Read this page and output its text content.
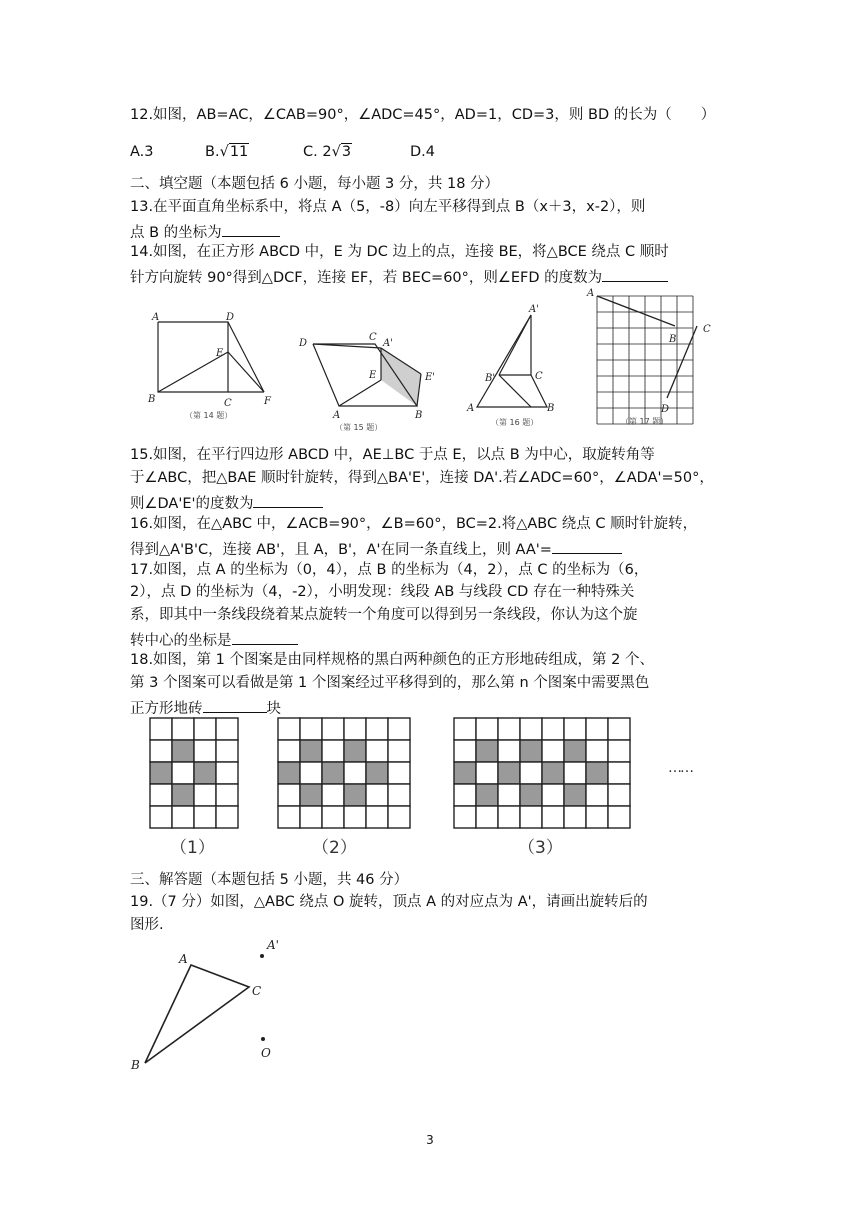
12.如图，AB=AC，∠CAB=90°，∠ADC=45°，AD=1，CD=3，则 BD 的长为（　　）
A.3	B.√11	C. 2√3	D.4
二、填空题（本题包括 6 小题，每小题 3 分，共 18 分）
13.在平面直角坐标系中，将点 A（5，-8）向左平移得到点 B（x＋3，x-2），则
点 B 的坐标为
14.如图，在正方形 ABCD 中，E 为 DC 边上的点，连接 BE，将△BCE 绕点 C 顺时
针方向旋转 90°得到△DCF，连接 EF，若 BEC=60°，则∠EFD 的度数为
A	D
E
B	C	F
（第 14 题）
D
C
A'
E	E'
A	B
（第 15 题）
A'
B'	C
A	B
（第 16 题）
A
B
C
D
（第 17 题）
15.如图，在平行四边形 ABCD 中，AE⊥BC 于点 E，以点 B 为中心，取旋转角等
于∠ABC，把△BAE 顺时针旋转，得到△BA'E'，连接 DA'.若∠ADC=60°，∠ADA'=50°，
则∠DA'E'的度数为
16.如图，在△ABC 中，∠ACB=90°，∠B=60°，BC=2.将△ABC 绕点 C 顺时针旋转，
得到△A'B'C，连接 AB'，且 A，B'，A'在同一条直线上，则 AA'=
17.如图，点 A 的坐标为（0，4），点 B 的坐标为（4，2），点 C 的坐标为（6，
2），点 D 的坐标为（4，-2），小明发现：线段 AB 与线段 CD 存在一种特殊关
系，即其中一条线段绕着某点旋转一个角度可以得到另一条线段，你认为这个旋
转中心的坐标是
18.如图，第 1 个图案是由同样规格的黑白两种颜色的正方形地砖组成，第 2 个、
第 3 个图案可以看做是第 1 个图案经过平移得到的，那么第 n 个图案中需要黑色
正方形地砖	块
（1）	（2）	（3）
……
三、解答题（本题包括 5 小题，共 46 分）
19.（7 分）如图，△ABC 绕点 O 旋转，顶点 A 的对应点为 A'，请画出旋转后的
图形.
A
C
B
A'
O
3
